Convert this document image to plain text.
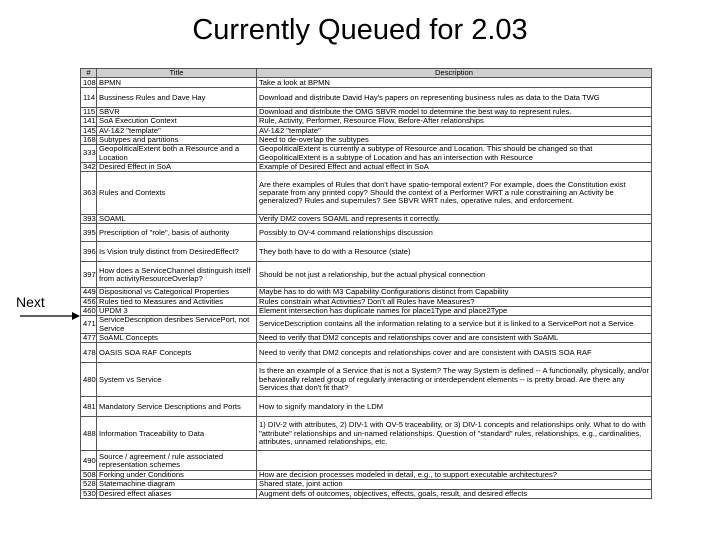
Currently Queued for 2.03
Next
#	Title	Description
108	BPMN	Take a look at BPMN
114	Bussiness Rules and Dave Hay	Download and distribute David Hay's papers on representing business rules as data to the Data TWG
115	SBVR	Download and distribute the OMG SBVR model to determine the best way to represent rules.
141	SoA Execution Context	Rule, Activity, Performer, Resource Flow, Before-After relationships
145	AV-1&2 "template"	AV-1&2 "template"
168	Subtypes and partitions	Need to de-overlap the subtypes
333	GeopoliticalExtent both a Resource and a Location	GeopoliticalExtent is currently a subtype of Resource and Location. This should be changed so that GeopoliticalExtent is a subtype of Location and has an intersection with Resource
342	Desired Effect in SoA	Example of Desired Effect and actual effect in SoA
363	Rules and Contexts	Are there examples of Rules that don't have spatio-temporal extent? For example, does the Constitution exist separate from any printed copy? Should the context of a Performer WRT a rule constraining an Activity be generalized? Rules and superrules? See SBVR WRT rules, operative rules, and enforcement.
393	SOAML	Verify DM2 covers SOAML and represents it correctly.
395	Prescription of "role", basis of authority	Possibly to OV-4 command relationships discussion
396	Is Vision truly distinct from DesiredEffect?	They both have to do with a Resource (state)
397	How does a ServiceChannel distinguish itself from activityResourceOverlap?	Should be not just a relationship, but the actual physical connection
449	Dispositional vs Categorical Properties	Maybe has to do with M3 Capability Configurations distinct from Capability
456	Rules tied to Measures and Activities	Rules constrain what Activities? Don't all Rules have Measures?
460	UPDM 3	Element intersection has duplicate names for place1Type and place2Type
471	ServiceDescription desribes ServicePort, not Service	ServiceDescription contains all the information relating to a service but it is linked to a ServicePort not a Service
477	SoAML Concepts	Need to verify that DM2 concepts and relationships cover and are consistent with SoAML
478	OASIS SOA RAF Concepts	Need to verify that DM2 concepts and relationships cover and are consistent with OASIS SOA RAF
480	System vs Service	Is there an example of a Service that is not a System? The way System is defined -- A functionally, physically, and/or behaviorally related group of regularly interacting or interdependent elements -- is pretty broad. Are there any Services that don't fit that?
481	Mandatory Service Descriptions and Ports	How to signify mandatory in the LDM
488	Information Traceability to Data	1) DIV-2 with attributes, 2) DIV-1 with OV-5 traceability, or 3) DIV-1 concepts and relationships only. What to do with "attribute" relationships and un-named relationships. Question of "standard" rules, relationships, e.g., cardinalities, attributes, unnamed relationships, etc.
490	Source / agreement / rule associated representation schemes	
508	Forking under Conditions	How are decision processes modeled in detail, e.g., to support executable architectures?
528	Statemachine diagram	Shared state, joint action
530	Desired effect aliases	Augment defs of outcomes, objectives, effects, goals, result, and desired effects
